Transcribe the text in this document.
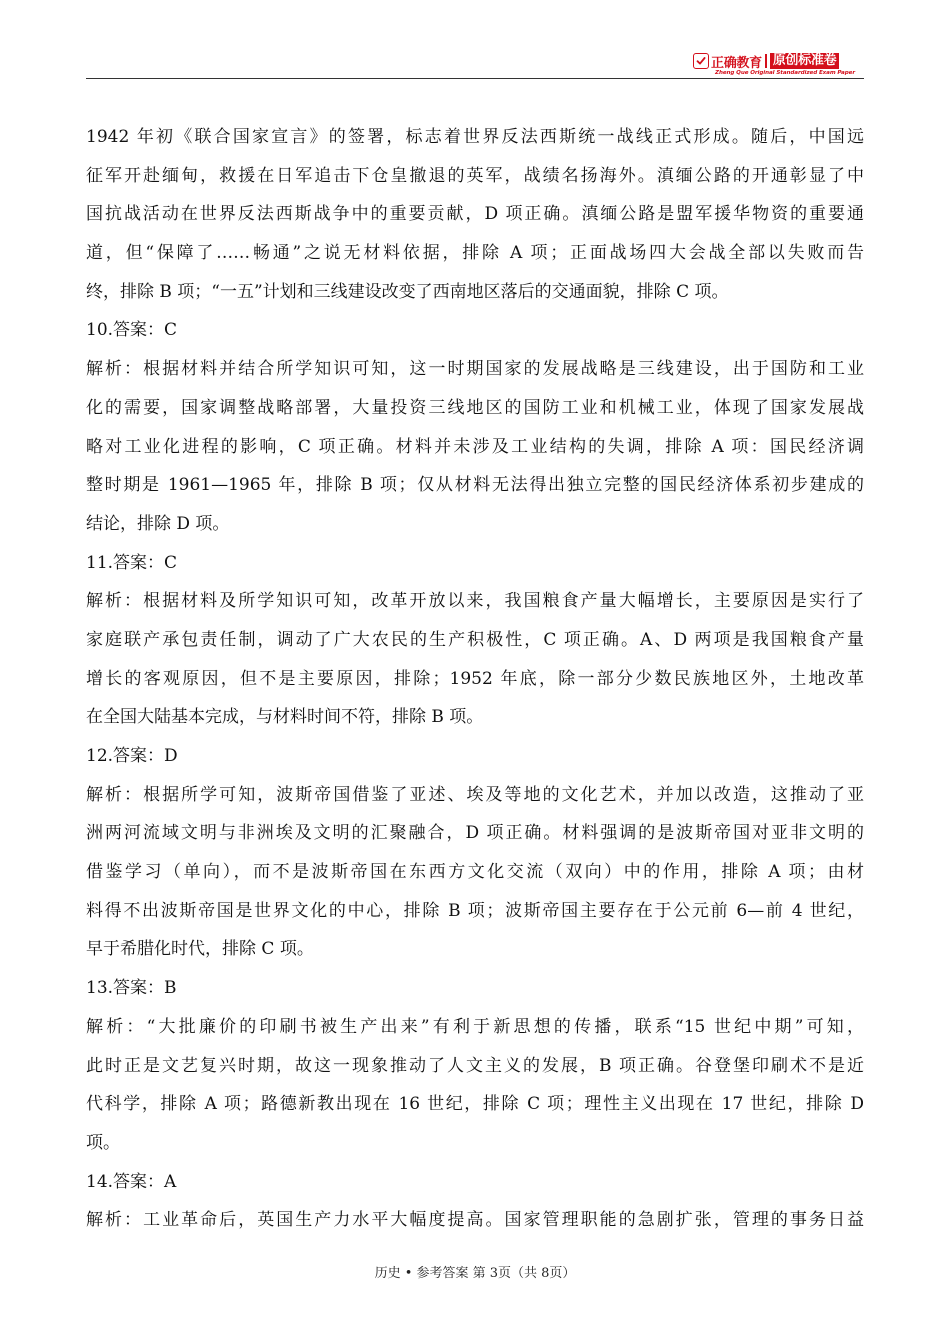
正确教育 原创标准卷
Zheng Que Original Standardized Exam Paper
1942 年初《联合国家宣言》的签署，标志着世界反法西斯统一战线正式形成。随后，中国远
征军开赴缅甸，救援在日军追击下仓皇撤退的英军，战绩名扬海外。滇缅公路的开通彰显了中
国抗战活动在世界反法西斯战争中的重要贡献，D 项正确。滇缅公路是盟军援华物资的重要通
道，但“保障了……畅通”之说无材料依据，排除 A 项；正面战场四大会战全部以失败而告
终，排除 B 项；“一五”计划和三线建设改变了西南地区落后的交通面貌，排除 C 项。
10.答案：C
解析：根据材料并结合所学知识可知，这一时期国家的发展战略是三线建设，出于国防和工业
化的需要，国家调整战略部署，大量投资三线地区的国防工业和机械工业，体现了国家发展战
略对工业化进程的影响，C 项正确。材料并未涉及工业结构的失调，排除 A 项：国民经济调
整时期是 1961—1965 年，排除 B 项；仅从材料无法得出独立完整的国民经济体系初步建成的
结论，排除 D 项。
11.答案：C
解析：根据材料及所学知识可知，改革开放以来，我国粮食产量大幅增长，主要原因是实行了
家庭联产承包责任制，调动了广大农民的生产积极性，C 项正确。A、D 两项是我国粮食产量
增长的客观原因，但不是主要原因，排除；1952 年底，除一部分少数民族地区外，土地改革
在全国大陆基本完成，与材料时间不符，排除 B 项。
12.答案：D
解析：根据所学可知，波斯帝国借鉴了亚述、埃及等地的文化艺术，并加以改造，这推动了亚
洲两河流域文明与非洲埃及文明的汇聚融合，D 项正确。材料强调的是波斯帝国对亚非文明的
借鉴学习（单向），而不是波斯帝国在东西方文化交流（双向）中的作用，排除 A 项；由材
料得不出波斯帝国是世界文化的中心，排除 B 项；波斯帝国主要存在于公元前 6—前 4 世纪，
早于希腊化时代，排除 C 项。
13.答案：B
解析：“大批廉价的印刷书被生产出来”有利于新思想的传播，联系“15 世纪中期”可知，
此时正是文艺复兴时期，故这一现象推动了人文主义的发展，B 项正确。谷登堡印刷术不是近
代科学，排除 A 项；路德新教出现在 16 世纪，排除 C 项；理性主义出现在 17 世纪，排除 D
项。
14.答案：A
解析：工业革命后，英国生产力水平大幅度提高。国家管理职能的急剧扩张，管理的事务日益
历史 • 参考答案 第 3页（共 8页）
